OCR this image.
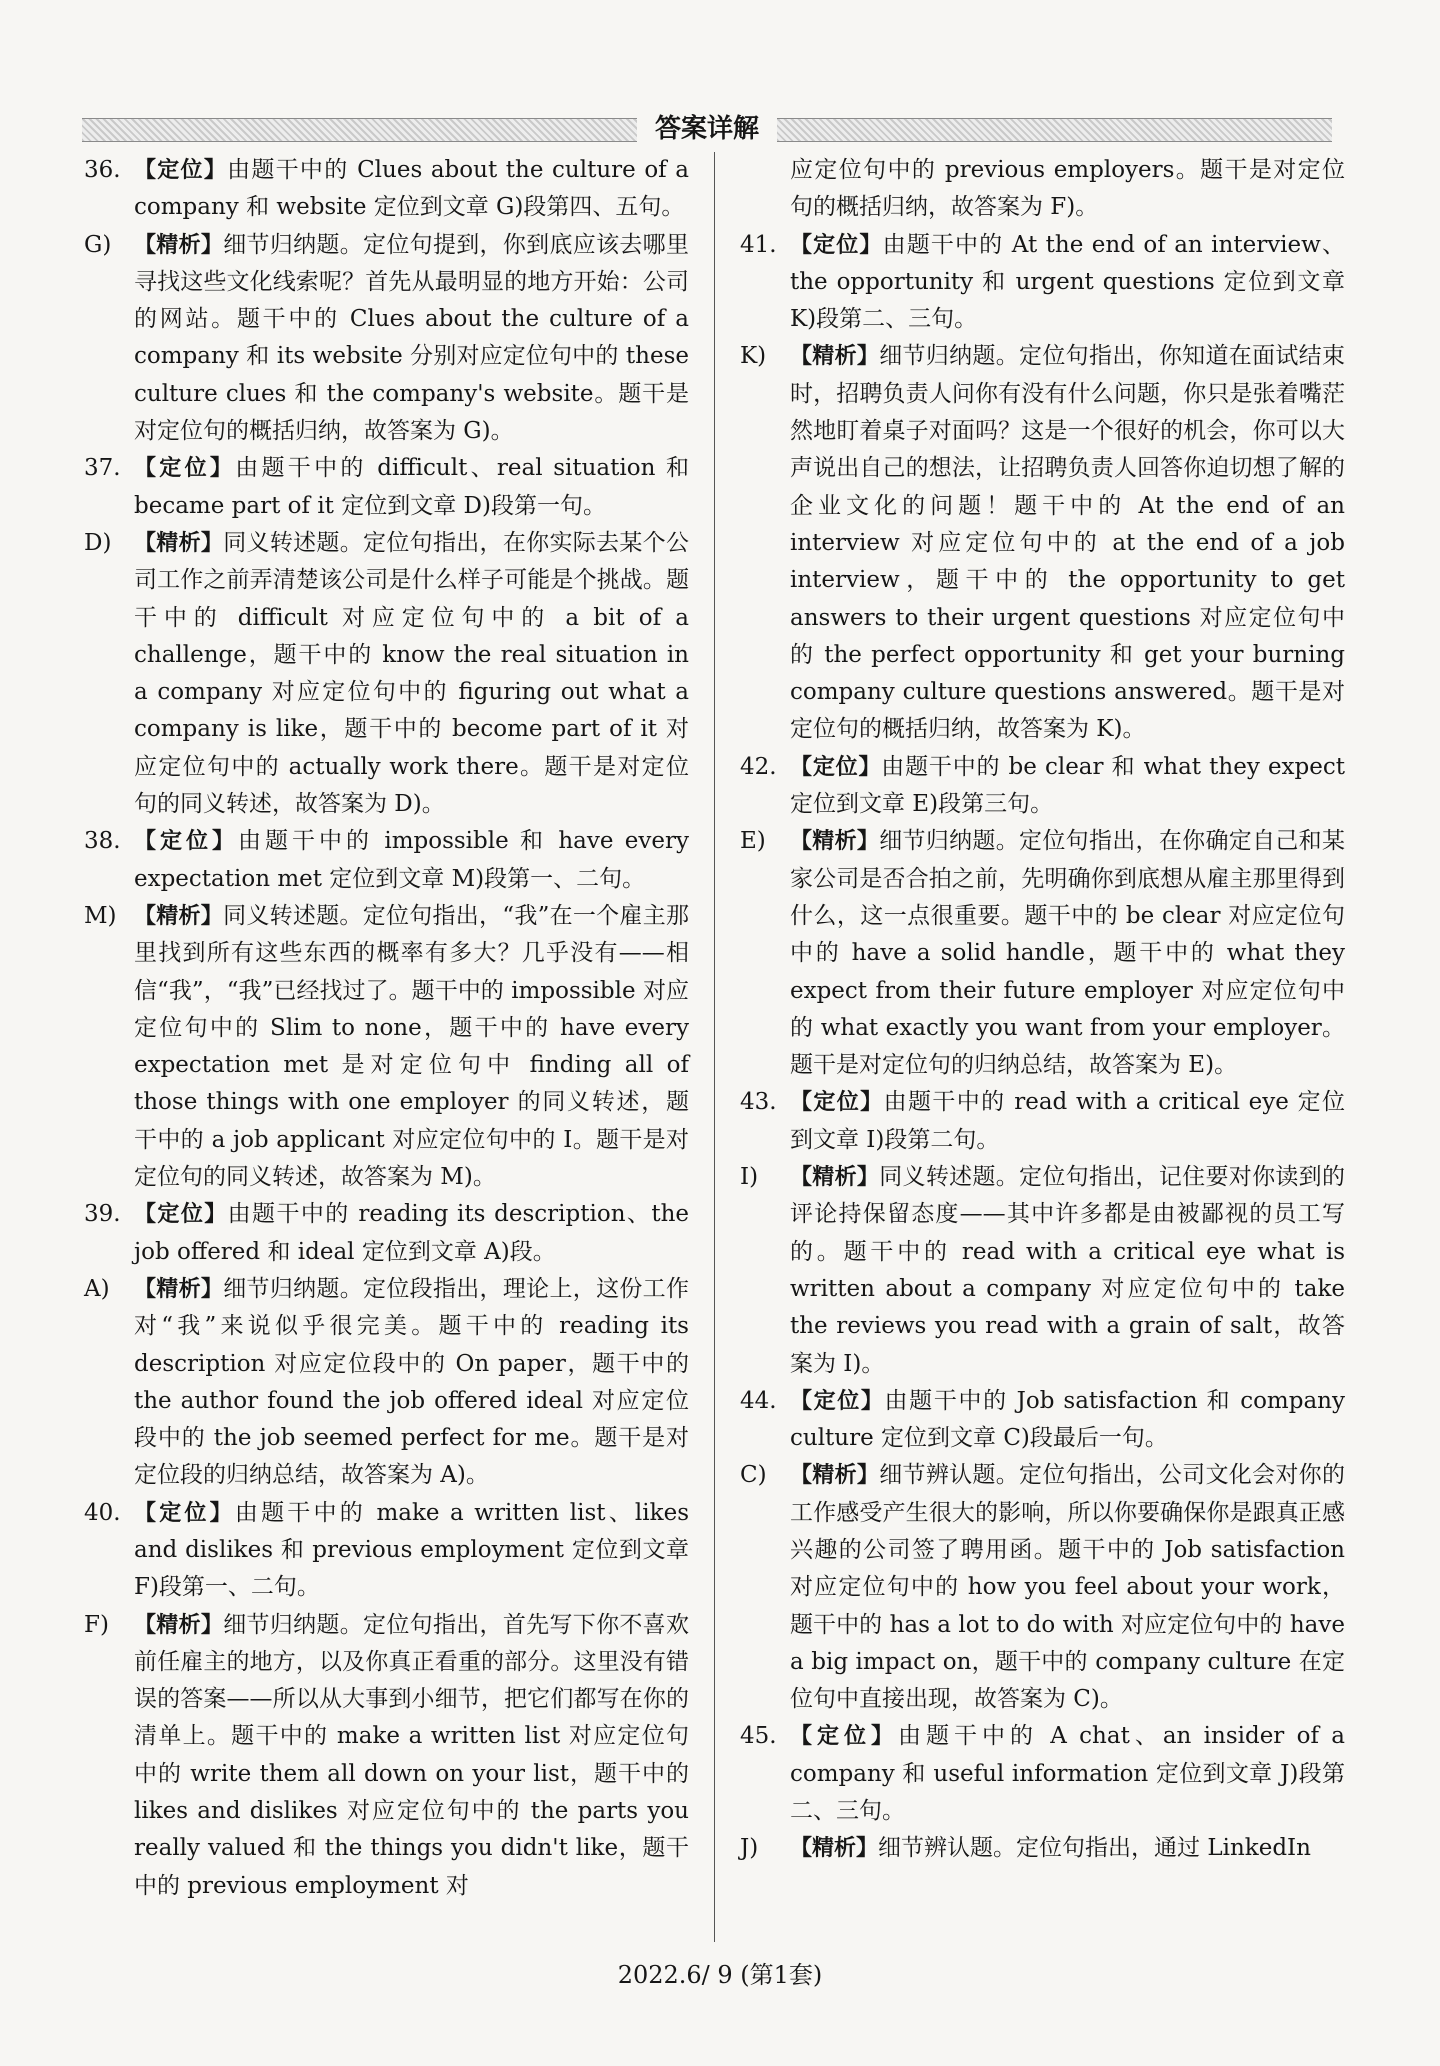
答案详解
36. 【定位】由题干中的 Clues about the culture of a company 和 website 定位到文章 G)段第四、五句。
G) 【精析】细节归纳题。定位句提到，你到底应该去哪里寻找这些文化线索呢？首先从最明显的地方开始：公司的网站。题干中的 Clues about the culture of a company 和 its website 分别对应定位句中的 these culture clues 和 the company's website。题干是对定位句的概括归纳，故答案为 G)。
37. 【定位】由题干中的 difficult、real situation 和 became part of it 定位到文章 D)段第一句。
D) 【精析】同义转述题。定位句指出，在你实际去某个公司工作之前弄清楚该公司是什么样子可能是个挑战。题干中的 difficult 对应定位句中的 a bit of a challenge，题干中的 know the real situation in a company 对应定位句中的 figuring out what a company is like，题干中的 become part of it 对应定位句中的 actually work there。题干是对定位句的同义转述，故答案为 D)。
38. 【定位】由题干中的 impossible 和 have every expectation met 定位到文章 M)段第一、二句。
M) 【精析】同义转述题。定位句指出，“我”在一个雇主那里找到所有这些东西的概率有多大？几乎没有——相信“我”，“我”已经找过了。题干中的 impossible 对应定位句中的 Slim to none，题干中的 have every expectation met 是对定位句中 finding all of those things with one employer 的同义转述，题干中的 a job applicant 对应定位句中的 I。题干是对定位句的同义转述，故答案为 M)。
39. 【定位】由题干中的 reading its description、the job offered 和 ideal 定位到文章 A)段。
A) 【精析】细节归纳题。定位段指出，理论上，这份工作对“我”来说似乎很完美。题干中的 reading its description 对应定位段中的 On paper，题干中的 the author found the job offered ideal 对应定位段中的 the job seemed perfect for me。题干是对定位段的归纳总结，故答案为 A)。
40. 【定位】由题干中的 make a written list、likes and dislikes 和 previous employment 定位到文章 F)段第一、二句。
F) 【精析】细节归纳题。定位句指出，首先写下你不喜欢前任雇主的地方，以及你真正看重的部分。这里没有错误的答案——所以从大事到小细节，把它们都写在你的清单上。题干中的 make a written list 对应定位句中的 write them all down on your list，题干中的 likes and dislikes 对应定位句中的 the parts you really valued 和 the things you didn't like，题干中的 previous employment 对
应定位句中的 previous employers。题干是对定位句的概括归纳，故答案为 F)。
41. 【定位】由题干中的 At the end of an interview、the opportunity 和 urgent questions 定位到文章 K)段第二、三句。
K) 【精析】细节归纳题。定位句指出，你知道在面试结束时，招聘负责人问你有没有什么问题，你只是张着嘴茫然地盯着桌子对面吗？这是一个很好的机会，你可以大声说出自己的想法，让招聘负责人回答你迫切想了解的企业文化的问题！题干中的 At the end of an interview 对应定位句中的 at the end of a job interview，题干中的 the opportunity to get answers to their urgent questions 对应定位句中的 the perfect opportunity 和 get your burning company culture questions answered。题干是对定位句的概括归纳，故答案为 K)。
42. 【定位】由题干中的 be clear 和 what they expect 定位到文章 E)段第三句。
E) 【精析】细节归纳题。定位句指出，在你确定自己和某家公司是否合拍之前，先明确你到底想从雇主那里得到什么，这一点很重要。题干中的 be clear 对应定位句中的 have a solid handle，题干中的 what they expect from their future employer 对应定位句中的 what exactly you want from your employer。题干是对定位句的归纳总结，故答案为 E)。
43. 【定位】由题干中的 read with a critical eye 定位到文章 I)段第二句。
I) 【精析】同义转述题。定位句指出，记住要对你读到的评论持保留态度——其中许多都是由被鄙视的员工写的。题干中的 read with a critical eye what is written about a company 对应定位句中的 take the reviews you read with a grain of salt，故答案为 I)。
44. 【定位】由题干中的 Job satisfaction 和 company culture 定位到文章 C)段最后一句。
C) 【精析】细节辨认题。定位句指出，公司文化会对你的工作感受产生很大的影响，所以你要确保你是跟真正感兴趣的公司签了聘用函。题干中的 Job satisfaction 对应定位句中的 how you feel about your work，题干中的 has a lot to do with 对应定位句中的 have a big impact on，题干中的 company culture 在定位句中直接出现，故答案为 C)。
45. 【定位】由题干中的 A chat、an insider of a company 和 useful information 定位到文章 J)段第二、三句。
J) 【精析】细节辨认题。定位句指出，通过 LinkedIn
2022.6/ 9 (第1套)
